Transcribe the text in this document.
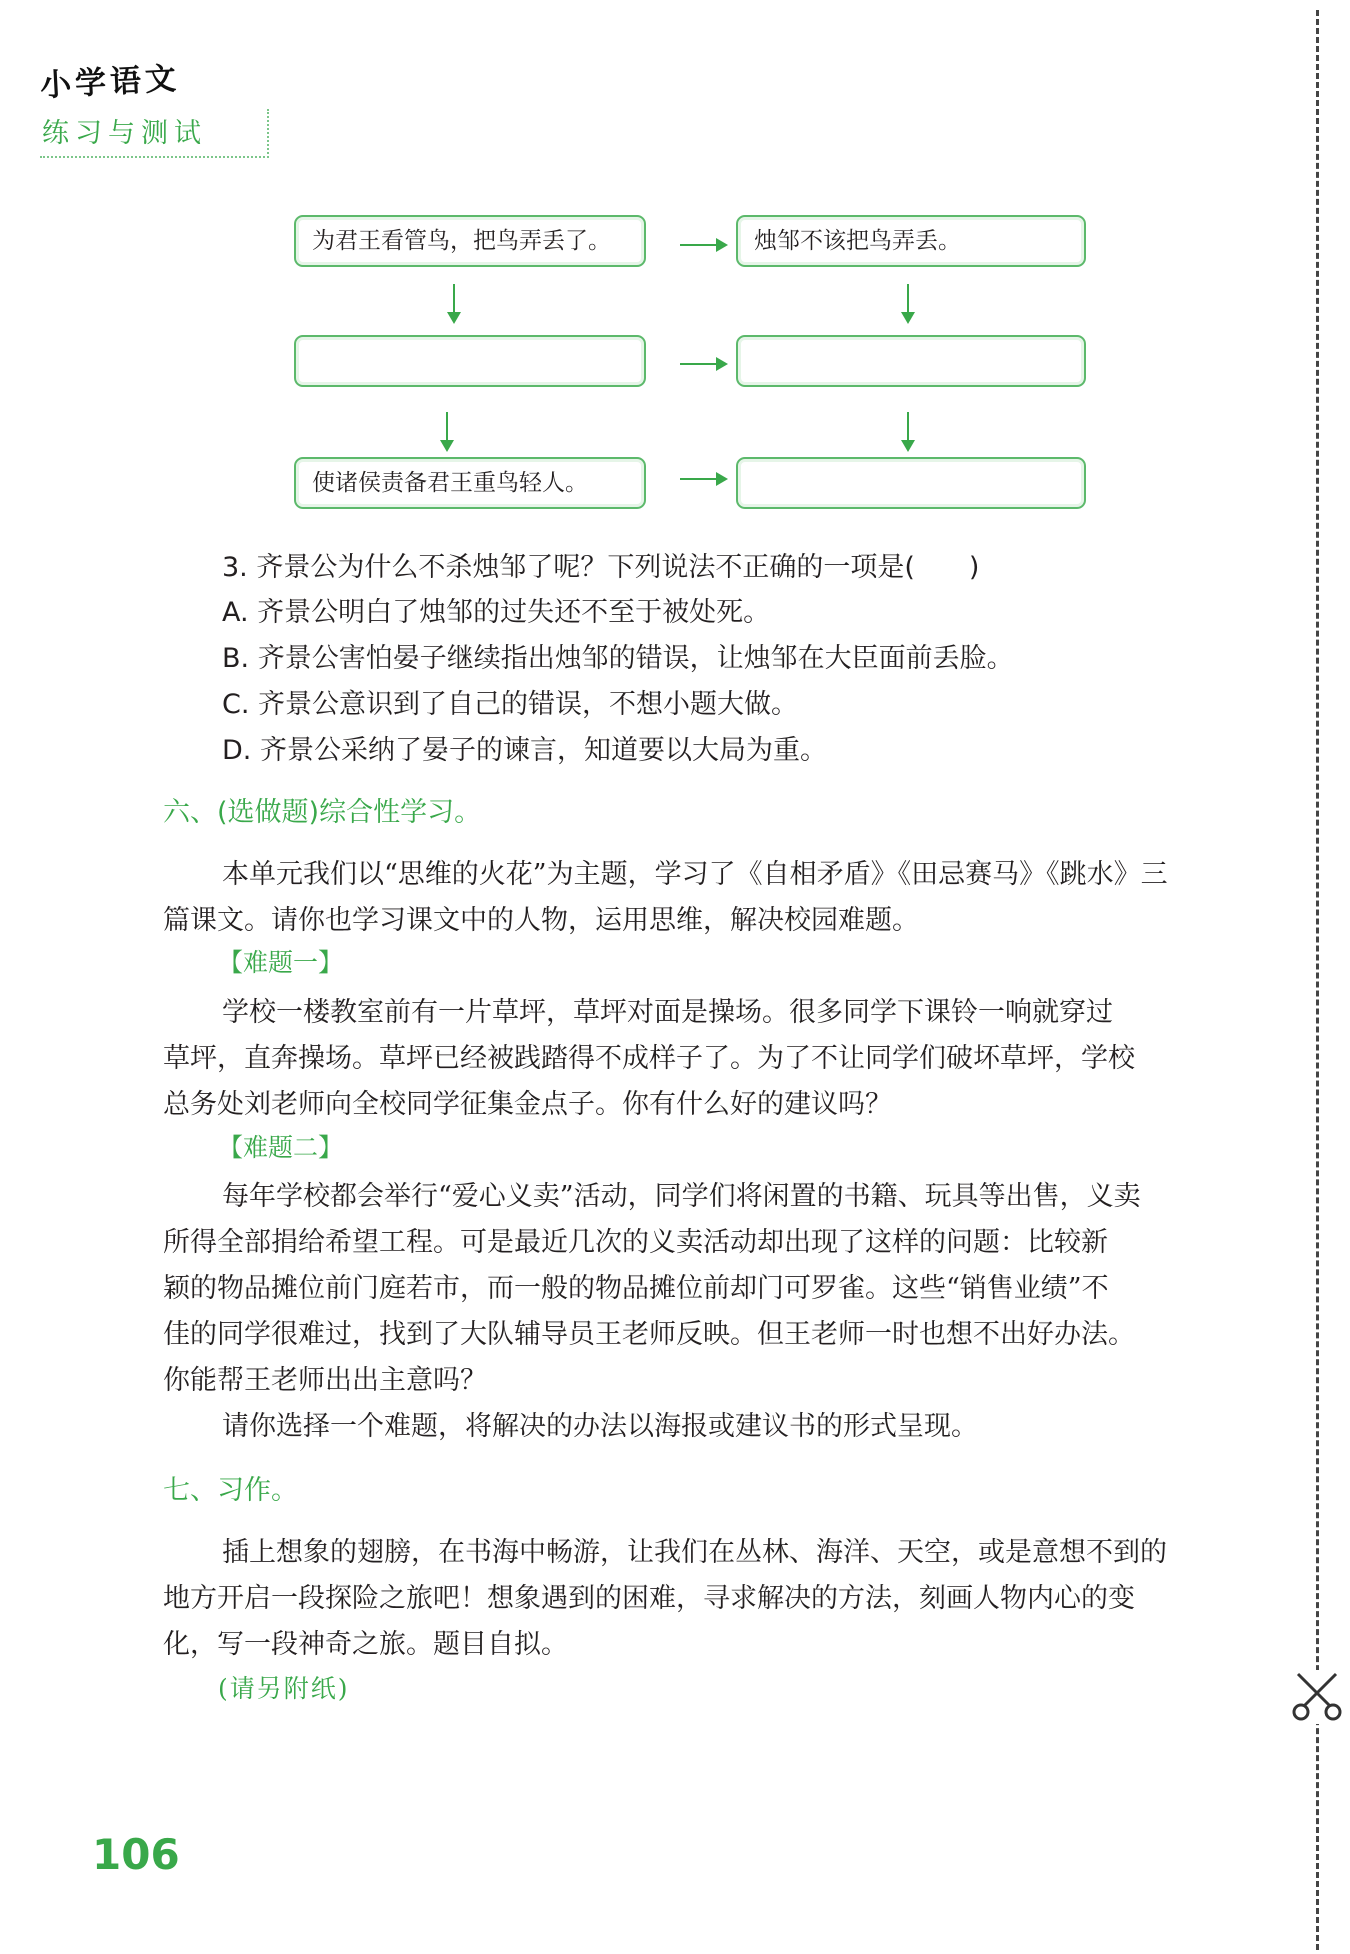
小学语文
练习与测试
为君王看管鸟，把鸟弄丢了。	烛邹不该把鸟弄丢。
使诸侯责备君王重鸟轻人。
3. 齐景公为什么不杀烛邹了呢？下列说法不正确的一项是(　　)
A. 齐景公明白了烛邹的过失还不至于被处死。
B. 齐景公害怕晏子继续指出烛邹的错误，让烛邹在大臣面前丢脸。
C. 齐景公意识到了自己的错误，不想小题大做。
D. 齐景公采纳了晏子的谏言，知道要以大局为重。
六、(选做题)综合性学习。
本单元我们以“思维的火花”为主题，学习了《自相矛盾》《田忌赛马》《跳水》三
篇课文。请你也学习课文中的人物，运用思维，解决校园难题。
【难题一】
学校一楼教室前有一片草坪，草坪对面是操场。很多同学下课铃一响就穿过
草坪，直奔操场。草坪已经被践踏得不成样子了。为了不让同学们破坏草坪，学校
总务处刘老师向全校同学征集金点子。你有什么好的建议吗？
【难题二】
每年学校都会举行“爱心义卖”活动，同学们将闲置的书籍、玩具等出售，义卖
所得全部捐给希望工程。可是最近几次的义卖活动却出现了这样的问题：比较新
颖的物品摊位前门庭若市，而一般的物品摊位前却门可罗雀。这些“销售业绩”不
佳的同学很难过，找到了大队辅导员王老师反映。但王老师一时也想不出好办法。
你能帮王老师出出主意吗？
请你选择一个难题，将解决的办法以海报或建议书的形式呈现。
七、习作。
插上想象的翅膀，在书海中畅游，让我们在丛林、海洋、天空，或是意想不到的
地方开启一段探险之旅吧！想象遇到的困难，寻求解决的方法，刻画人物内心的变
化，写一段神奇之旅。题目自拟。
(请另附纸)
106
